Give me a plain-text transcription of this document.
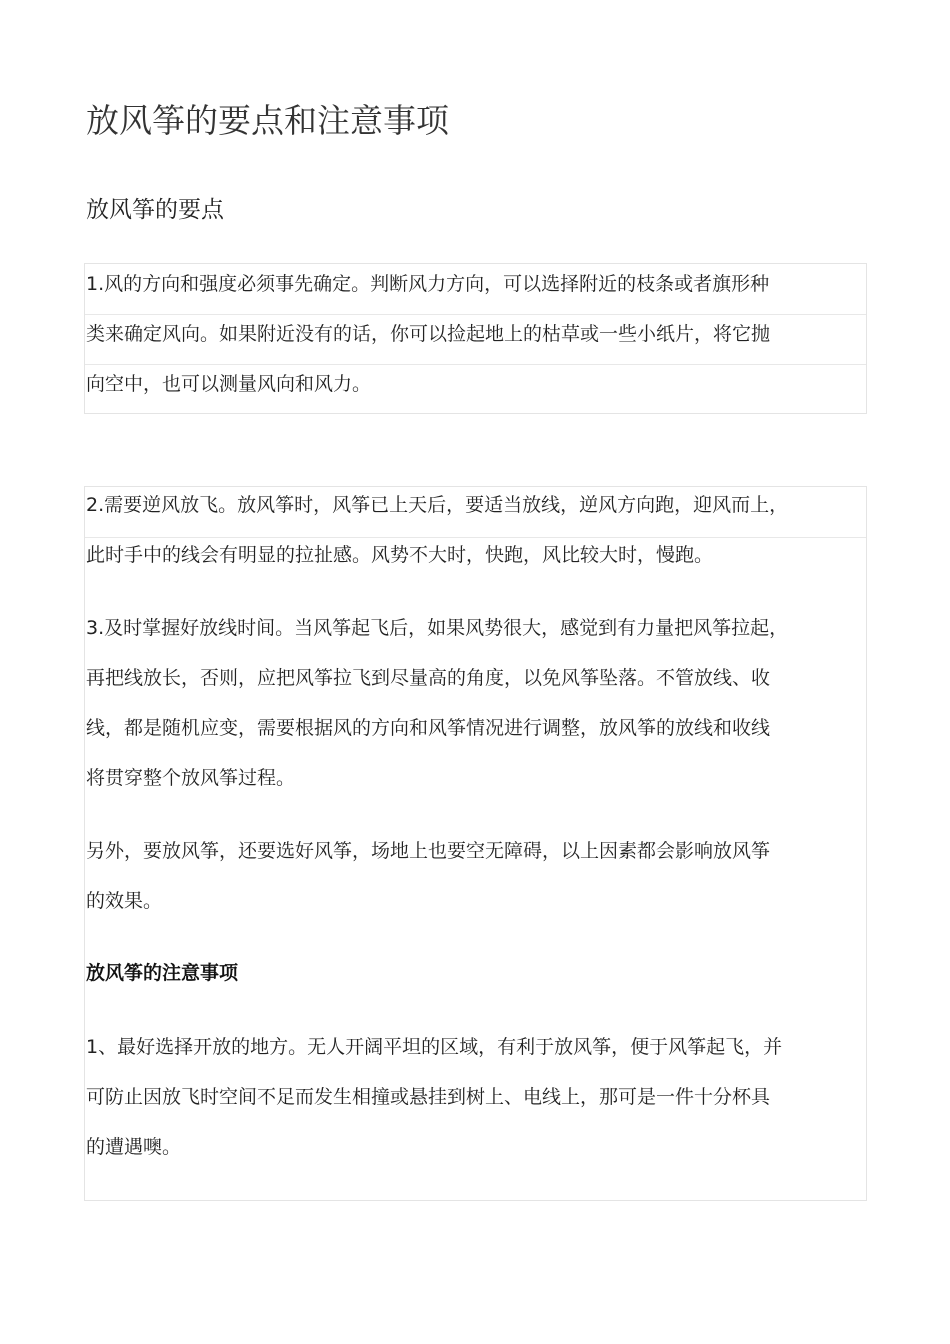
放风筝的要点和注意事项
放风筝的要点

1.风的方向和强度必须事先确定。判断风力方向，可以选择附近的枝条或者旗形种
类来确定风向。如果附近没有的话，你可以捡起地上的枯草或一些小纸片，将它抛
向空中，也可以测量风向和风力。

2.需要逆风放飞。放风筝时，风筝已上天后，要适当放线，逆风方向跑，迎风而上，
此时手中的线会有明显的拉扯感。风势不大时，快跑，风比较大时，慢跑。

3.及时掌握好放线时间。当风筝起飞后，如果风势很大，感觉到有力量把风筝拉起，
再把线放长，否则，应把风筝拉飞到尽量高的角度，以免风筝坠落。不管放线、收
线，都是随机应变，需要根据风的方向和风筝情况进行调整，放风筝的放线和收线
将贯穿整个放风筝过程。

另外，要放风筝，还要选好风筝，场地上也要空无障碍，以上因素都会影响放风筝
的效果。

放风筝的注意事项

1、最好选择开放的地方。无人开阔平坦的区域，有利于放风筝，便于风筝起飞，并
可防止因放飞时空间不足而发生相撞或悬挂到树上、电线上，那可是一件十分杯具
的遭遇噢。
